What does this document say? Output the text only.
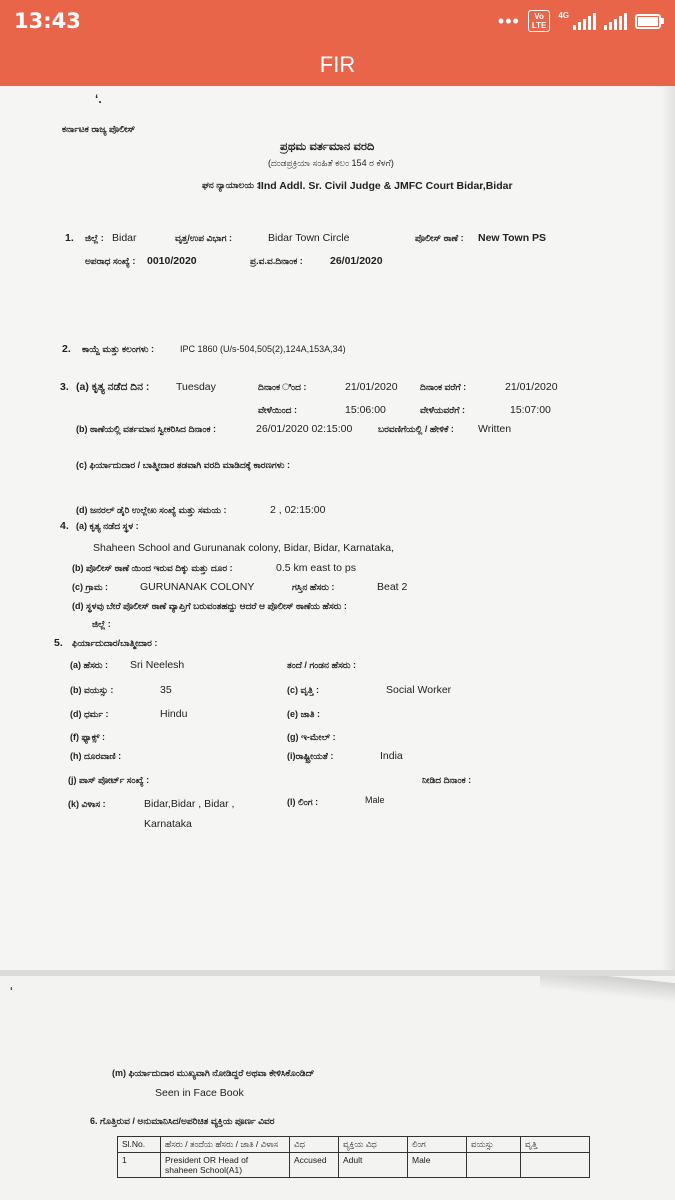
13:43	•••	Vo
LTE
4G
FIR
‘.
ಕರ್ನಾಟಕ ರಾಜ್ಯ ಪೊಲೀಸ್
ಪ್ರಥಮ ವರ್ತಮಾನ ವರದಿ
(ದಂಡಪ್ರಕ್ರಿಯಾ ಸಂಹಿತೆ ಕಲಂ 154 ರ ಕೆಳಗೆ)
ಘನ ನ್ಯಾಯಾಲಯ :
IInd Addl. Sr. Civil Judge & JMFC Court Bidar,Bidar
1. ಜಿಲ್ಲೆ : Bidar	ವೃತ್ತ/ಉಪ ವಿಭಾಗ :	Bidar Town Circle	ಪೊಲೀಸ್ ಠಾಣೆ : New Town PS
ಅಪರಾಧ ಸಂಖ್ಯೆ : 0010/2020	ಪ್ರ.ವ.ವ.ದಿನಾಂಕ :	26/01/2020
2. ಕಾಯ್ದೆ ಮತ್ತು ಕಲಂಗಳು :	IPC 1860 (U/s-504,505(2),124A,153A,34)
3. (a) ಕೃತ್ಯ ನಡೆದ ದಿನ :	Tuesday	ದಿನಾಂಕ ಿಂದ :	21/01/2020 ದಿನಾಂಕ ವರೆಗೆ :	21/01/2020
ವೇಳೆಯಿಂದ :	15:06:00	ವೇಳೆಯವರೆಗೆ :	15:07:00
(b) ಠಾಣೆಯಲ್ಲಿ ವರ್ತಮಾನ ಸ್ವೀಕರಿಸಿದ ದಿನಾಂಕ :	26/01/2020 02:15:00	ಬರವಣಿಗೆಯಲ್ಲಿ / ಹೇಳಿಕೆ : Written
(c) ಫಿರ್ಯಾದುದಾರ / ಬಾತ್ಮೀದಾರ ತಡವಾಗಿ ವರದಿ ಮಾಡಿದಕ್ಕೆ ಕಾರಣಗಳು :
(d) ಜನರಲ್ ಡೈರಿ ಉಲ್ಲೇಖ ಸಂಖ್ಯೆ ಮತ್ತು ಸಮಯ :	2 , 02:15:00
4. (a) ಕೃತ್ಯ ನಡೆದ ಸ್ಥಳ :
Shaheen School and Gurunanak colony, Bidar, Bidar, Karnataka,
(b) ಪೊಲೀಸ್ ಠಾಣೆ ಯಿಂದ ಇರುವ ದಿಕ್ಕು ಮತ್ತು ದೂರ :	0.5 km east to ps
(c) ಗ್ರಾಮ :	GURUNANAK COLONY	ಗಸ್ತಿನ ಹೆಸರು :	Beat 2
(d) ಸ್ಥಳವು ಬೇರೆ ಪೊಲೀಸ್ ಠಾಣೆ ವ್ಯಾಪ್ತಿಗೆ ಬರುವಂತಹದ್ದು ಆದರೆ ಆ ಪೊಲೀಸ್ ಠಾಣೆಯ ಹೆಸರು :
ಜಿಲ್ಲೆ :
5. ಫಿರ್ಯಾದುದಾರ/ಬಾತ್ಮೀದಾರ :
(a) ಹೆಸರು : Sri Neelesh	ತಂದೆ / ಗಂಡನ ಹೆಸರು :
(b) ವಯಸ್ಸು :	35	(c) ವೃತ್ತಿ :	Social Worker
(d) ಧರ್ಮ :	Hindu	(e) ಜಾತಿ :
(f) ಫ್ಯಾಕ್ಸ್ :	(g) ಇ-ಮೇಲ್ :
(h) ದೂರವಾಣಿ :	(i)ರಾಷ್ಟ್ರೀಯತೆ :	India
(j) ಪಾಸ್ ಪೋರ್ಟ್ ಸಂಖ್ಯೆ :	ನೀಡಿದ ದಿನಾಂಕ :
(k) ವಿಳಾಸ :	Bidar,Bidar , Bidar ,
Karnataka
(l) ಲಿಂಗ :	Male
‘
(m) ಫಿರ್ಯಾದುದಾರ ಮುಖ್ಯವಾಗಿ ನೋಡಿದ್ದರೆ ಅಥವಾ ಕೇಳಿಸಿಕೊಂಡಿದ್
Seen in Face Book
6. ಗೊತ್ತಿರುವ / ಅನುಮಾನಿಸಿದ/ಅಪರಿಚಿತ ವ್ಯಕ್ತಿಯ ಪೂರ್ಣ ವಿವರ
Sl.No.	ಹೆಸರು / ತಂದೆಯ ಹೆಸರು / ಜಾತಿ / ವಿಳಾಸ	ವಿಧ	ವ್ಯಕ್ತಿಯ ವಿಧ	ಲಿಂಗ	ವಯಸ್ಸು	ವೃತ್ತಿ
1	President OR Head of
shaheen School(A1)	Accused	Adult	Male		
